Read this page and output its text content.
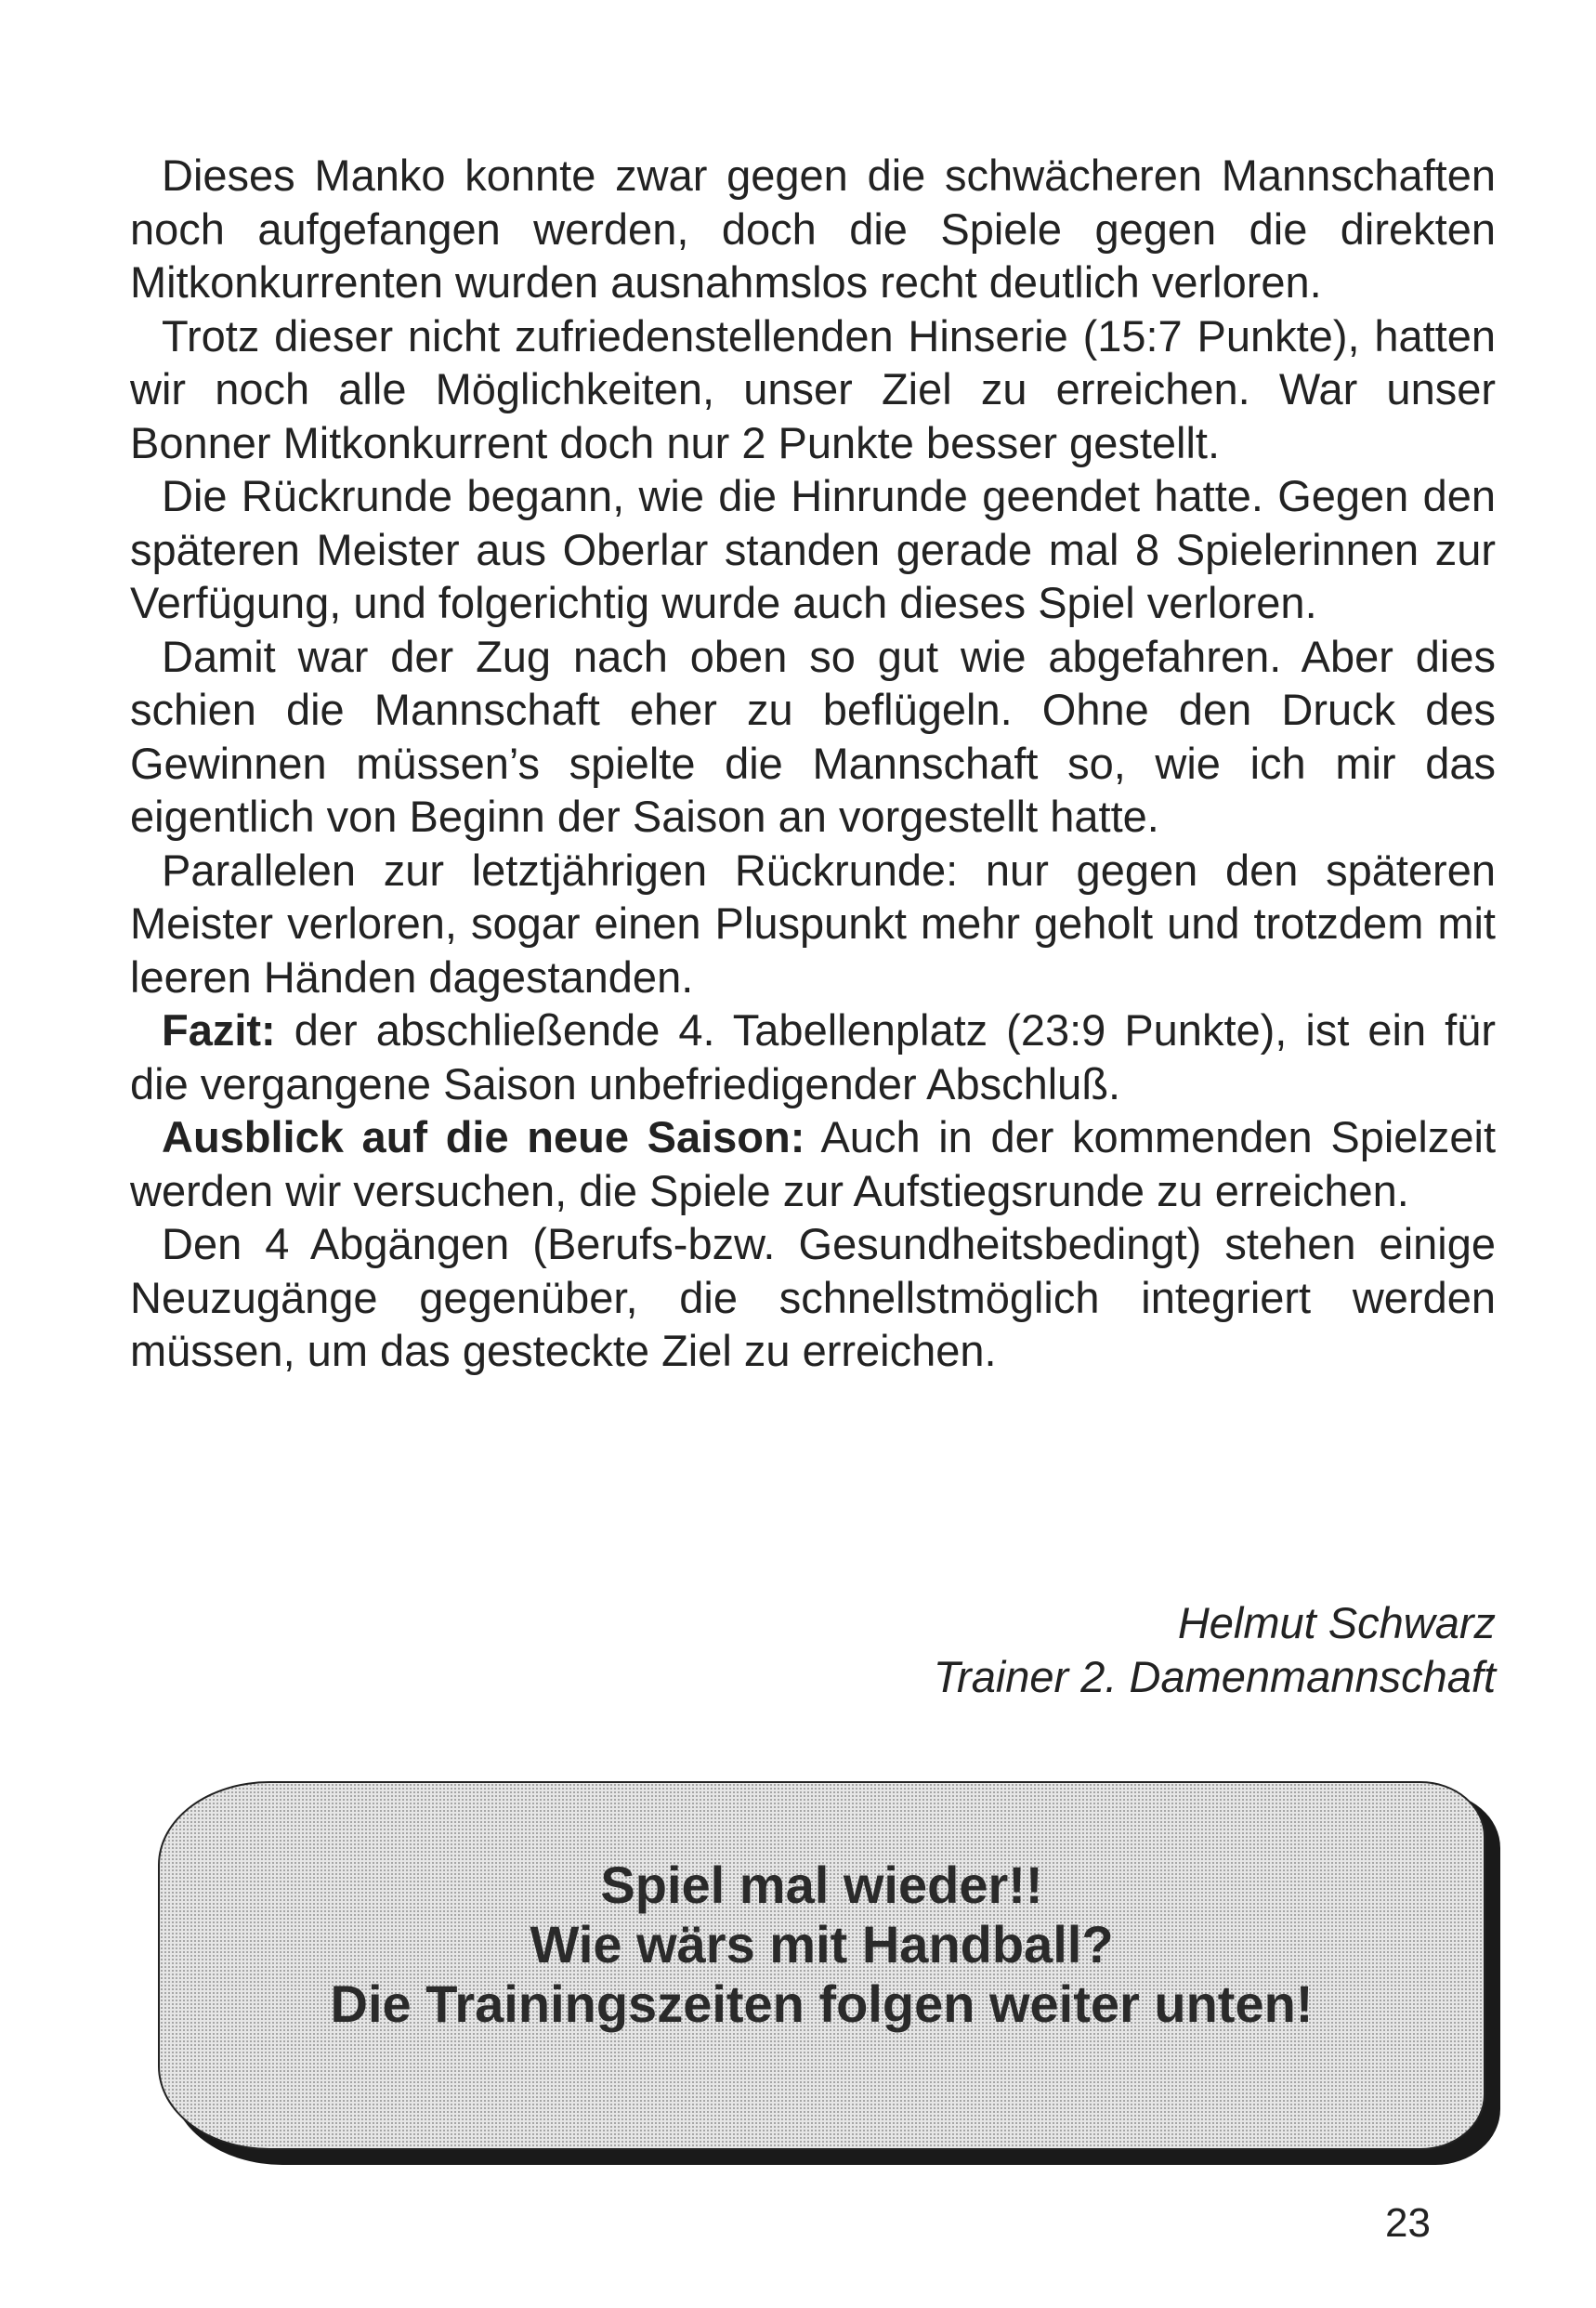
Dieses Manko konnte zwar gegen die schwächeren Mannschaften noch aufgefangen werden, doch die Spiele gegen die direkten Mitkonkurrenten wurden ausnahmslos recht deutlich verloren.

Trotz dieser nicht zufriedenstellenden Hinserie (15:7 Punkte), hatten wir noch alle Möglichkeiten, unser Ziel zu erreichen. War unser Bonner Mitkonkurrent doch nur 2 Punkte besser gestellt.

Die Rückrunde begann, wie die Hinrunde geendet hatte. Gegen den späteren Meister aus Oberlar standen gerade mal 8 Spielerinnen zur Verfügung, und folgerichtig wurde auch dieses Spiel verloren.

Damit war der Zug nach oben so gut wie abgefahren. Aber dies schien die Mannschaft eher zu beflügeln. Ohne den Druck des Gewinnen müssen’s spielte die Mannschaft so, wie ich mir das eigentlich von Beginn der Saison an vorgestellt hatte.

Parallelen zur letztjährigen Rückrunde: nur gegen den späteren Meister verloren, sogar einen Pluspunkt mehr geholt und trotzdem mit leeren Händen dagestanden.

Fazit: der abschließende 4. Tabellenplatz (23:9 Punkte), ist ein für die vergangene Saison unbefriedigender Abschluß.

Ausblick auf die neue Saison: Auch in der kommenden Spielzeit werden wir versuchen, die Spiele zur Aufstiegsrunde zu erreichen.

Den 4 Abgängen (Berufs-bzw. Gesundheitsbedingt) stehen einige Neuzugänge gegenüber, die schnellstmöglich integriert werden müssen, um das gesteckte Ziel zu erreichen.

Helmut Schwarz
Trainer 2. Damenmannschaft
Spiel mal wieder!!
Wie wärs mit Handball?
Die Trainingszeiten folgen weiter unten!
23
